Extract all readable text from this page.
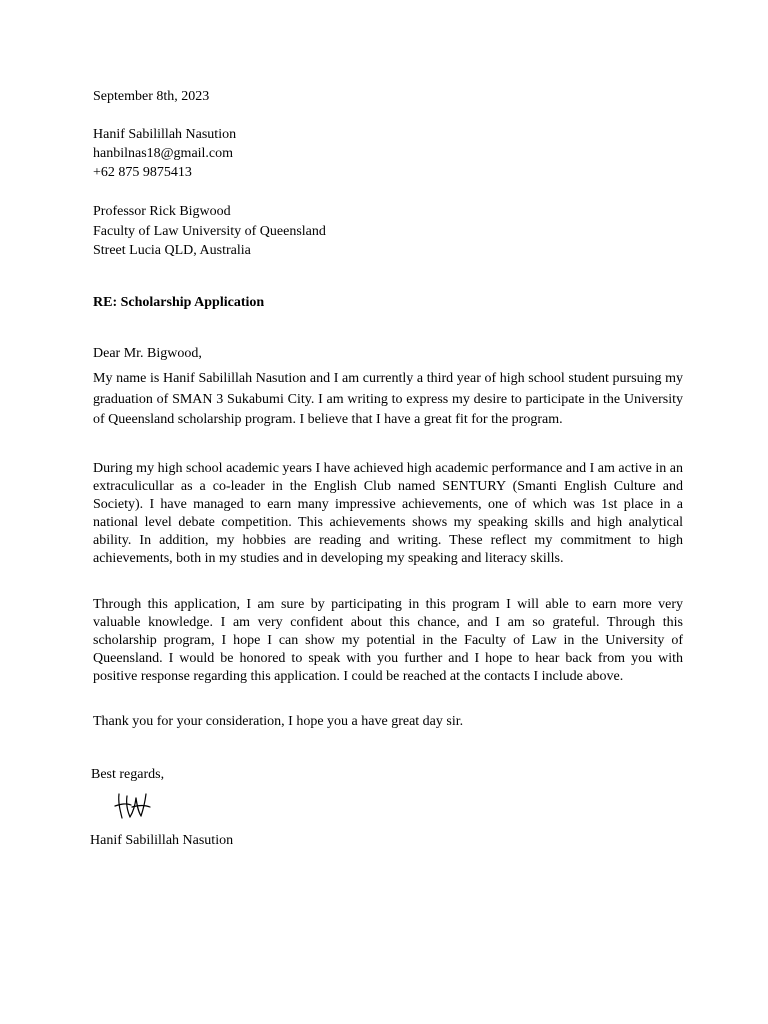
September 8th, 2023
Hanif Sabilillah Nasution
hanbilnas18@gmail.com
+62 875 9875413
Professor Rick Bigwood
Faculty of Law University of Queensland
Street Lucia QLD, Australia
RE: Scholarship Application
Dear Mr. Bigwood,
My name is Hanif Sabilillah Nasution and I am currently a third year of high school student pursuing my graduation of SMAN 3 Sukabumi City. I am writing to express my desire to participate in the University of Queensland scholarship program. I believe that I have a great fit for the program.
During my high school academic years I have achieved high academic performance and I am active in an extraculicullar as a co-leader in the English Club named SENTURY (Smanti English Culture and Society). I have managed to earn many impressive achievements, one of which was 1st place in a national level debate competition. This achievements shows my speaking skills and high analytical ability. In addition, my hobbies are reading and writing. These reflect my commitment to high achievements, both in my studies and in developing my speaking and literacy skills.
Through this application, I am sure by participating in this program I will able to earn more very valuable knowledge. I am very confident about this chance, and I am so grateful. Through this scholarship program, I hope I can show my potential in the Faculty of Law in the University of Queensland. I would be honored to speak with you further and I hope to hear back from you with positive response regarding this application. I could be reached at the contacts I include above.
Thank you for your consideration, I hope you a have great day sir.
Best regards,
Hanif Sabilillah Nasution
